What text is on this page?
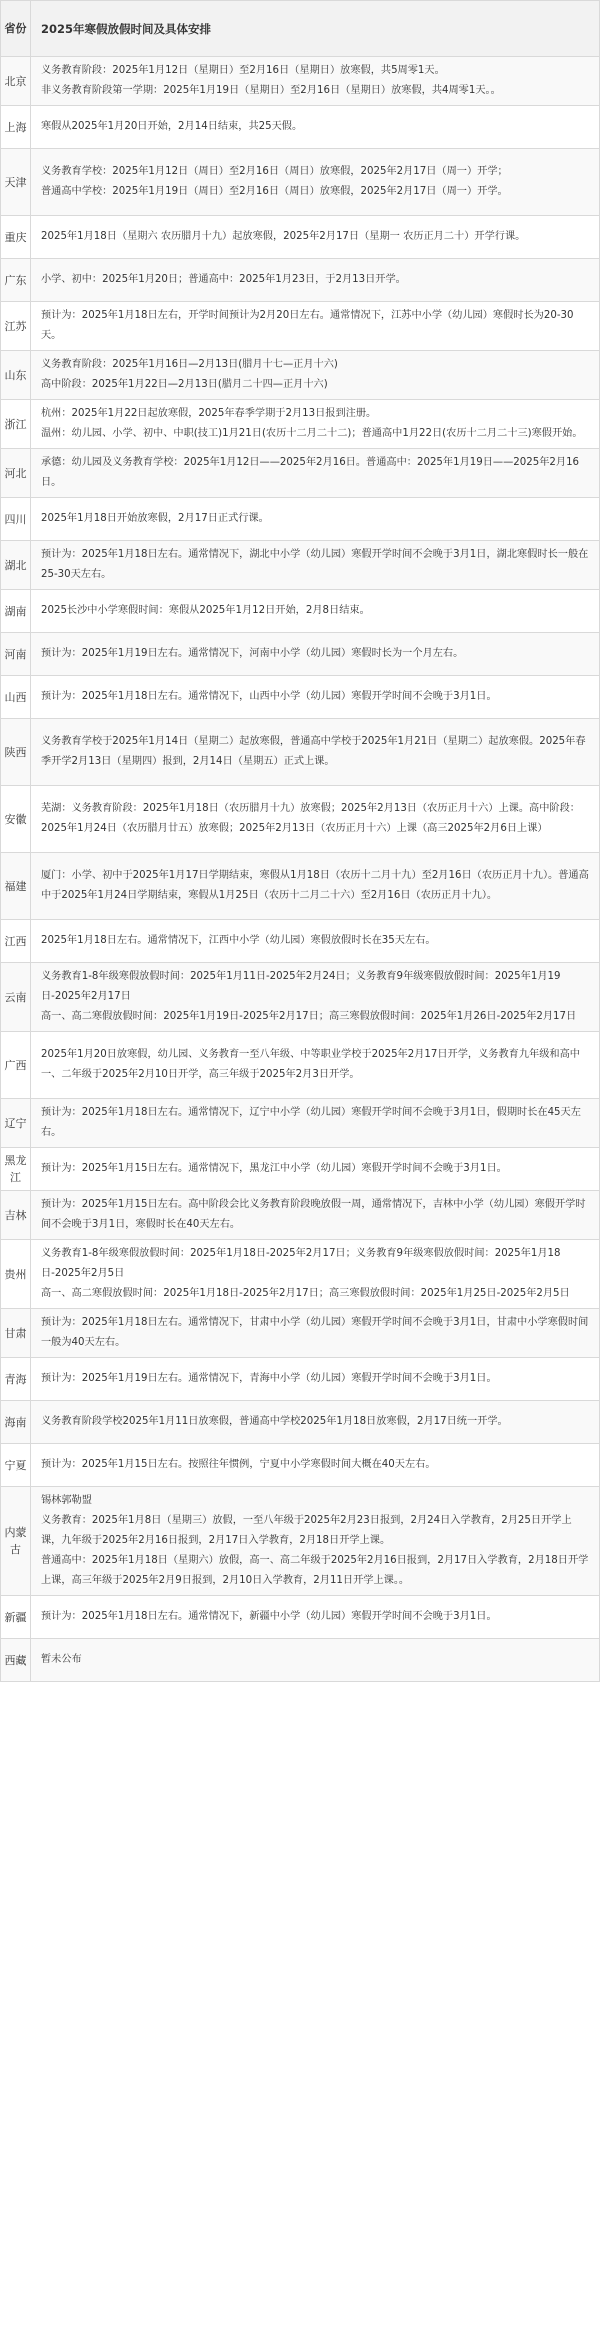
省份	2025年寒假放假时间及具体安排
北京	义务教育阶段：2025年1月12日（星期日）至2月16日（星期日）放寒假，共5周零1天。
非义务教育阶段第一学期：2025年1月19日（星期日）至2月16日（星期日）放寒假，共4周零1天。。

上海	寒假从2025年1月20日开始，2月14日结束，共25天假。

天津	义务教育学校：2025年1月12日（周日）至2月16日（周日）放寒假，2025年2月17日（周一）开学；
普通高中学校：2025年1月19日（周日）至2月16日（周日）放寒假，2025年2月17日（周一）开学。

重庆	2025年1月18日（星期六 农历腊月十九）起放寒假，2025年2月17日（星期一 农历正月二十）开学行课。

广东	小学、初中：2025年1月20日；普通高中：2025年1月23日，于2月13日开学。

江苏	预计为：2025年1月18日左右，开学时间预计为2月20日左右。通常情况下，江苏中小学（幼儿园）寒假时长为20-30天。

山东	义务教育阶段：2025年1月16日—2月13日(腊月十七—正月十六)
高中阶段：2025年1月22日—2月13日(腊月二十四—正月十六)

浙江	杭州：2025年1月22日起放寒假，2025年春季学期于2月13日报到注册。
温州：幼儿园、小学、初中、中职(技工)1月21日(农历十二月二十二)；普通高中1月22日(农历十二月二十三)寒假开始。

河北	承德：幼儿园及义务教育学校：2025年1月12日——2025年2月16日。普通高中：2025年1月19日——2025年2月16日。

四川	2025年1月18日开始放寒假，2月17日正式行课。

湖北	预计为：2025年1月18日左右。通常情况下，湖北中小学（幼儿园）寒假开学时间不会晚于3月1日，湖北寒假时长一般在25-30天左右。

湖南	2025长沙中小学寒假时间：寒假从2025年1月12日开始，2月8日结束。

河南	预计为：2025年1月19日左右。通常情况下，河南中小学（幼儿园）寒假时长为一个月左右。

山西	预计为：2025年1月18日左右。通常情况下，山西中小学（幼儿园）寒假开学时间不会晚于3月1日。

陕西	义务教育学校于2025年1月14日（星期二）起放寒假，普通高中学校于2025年1月21日（星期二）起放寒假。2025年春季开学2月13日（星期四）报到，2月14日（星期五）正式上课。

安徽	芜湖：义务教育阶段：2025年1月18日（农历腊月十九）放寒假；2025年2月13日（农历正月十六）上课。高中阶段：2025年1月24日（农历腊月廿五）放寒假；2025年2月13日（农历正月十六）上课（高三2025年2月6日上课）

福建	厦门：小学、初中于2025年1月17日学期结束，寒假从1月18日（农历十二月十九）至2月16日（农历正月十九）。普通高中于2025年1月24日学期结束，寒假从1月25日（农历十二月二十六）至2月16日（农历正月十九）。

江西	2025年1月18日左右。通常情况下，江西中小学（幼儿园）寒假放假时长在35天左右。

云南	义务教育1-8年级寒假放假时间：2025年1月11日-2025年2月24日；义务教育9年级寒假放假时间：2025年1月19日-2025年2月17日
高一、高二寒假放假时间：2025年1月19日-2025年2月17日；高三寒假放假时间：2025年1月26日-2025年2月17日

广西	2025年1月20日放寒假，幼儿园、义务教育一至八年级、中等职业学校于2025年2月17日开学，义务教育九年级和高中一、二年级于2025年2月10日开学，高三年级于2025年2月3日开学。

辽宁	预计为：2025年1月18日左右。通常情况下，辽宁中小学（幼儿园）寒假开学时间不会晚于3月1日，假期时长在45天左右。

黑龙江	预计为：2025年1月15日左右。通常情况下，黑龙江中小学（幼儿园）寒假开学时间不会晚于3月1日。

吉林	预计为：2025年1月15日左右。高中阶段会比义务教育阶段晚放假一周，通常情况下，吉林中小学（幼儿园）寒假开学时间不会晚于3月1日，寒假时长在40天左右。

贵州	义务教育1-8年级寒假放假时间：2025年1月18日-2025年2月17日；义务教育9年级寒假放假时间：2025年1月18日-2025年2月5日
高一、高二寒假放假时间：2025年1月18日-2025年2月17日；高三寒假放假时间：2025年1月25日-2025年2月5日

甘肃	预计为：2025年1月18日左右。通常情况下，甘肃中小学（幼儿园）寒假开学时间不会晚于3月1日，甘肃中小学寒假时间一般为40天左右。

青海	预计为：2025年1月19日左右。通常情况下，青海中小学（幼儿园）寒假开学时间不会晚于3月1日。

海南	义务教育阶段学校2025年1月11日放寒假，普通高中学校2025年1月18日放寒假，2月17日统一开学。

宁夏	预计为：2025年1月15日左右。按照往年惯例，宁夏中小学寒假时间大概在40天左右。

内蒙古	锡林郭勒盟
义务教育：2025年1月8日（星期三）放假，一至八年级于2025年2月23日报到，2月24日入学教育，2月25日开学上课，九年级于2025年2月16日报到，2月17日入学教育，2月18日开学上课。
普通高中：2025年1月18日（星期六）放假，高一、高二年级于2025年2月16日报到，2月17日入学教育，2月18日开学上课，高三年级于2025年2月9日报到，2月10日入学教育，2月11日开学上课。。

新疆	预计为：2025年1月18日左右。通常情况下，新疆中小学（幼儿园）寒假开学时间不会晚于3月1日。

西藏	暂未公布
